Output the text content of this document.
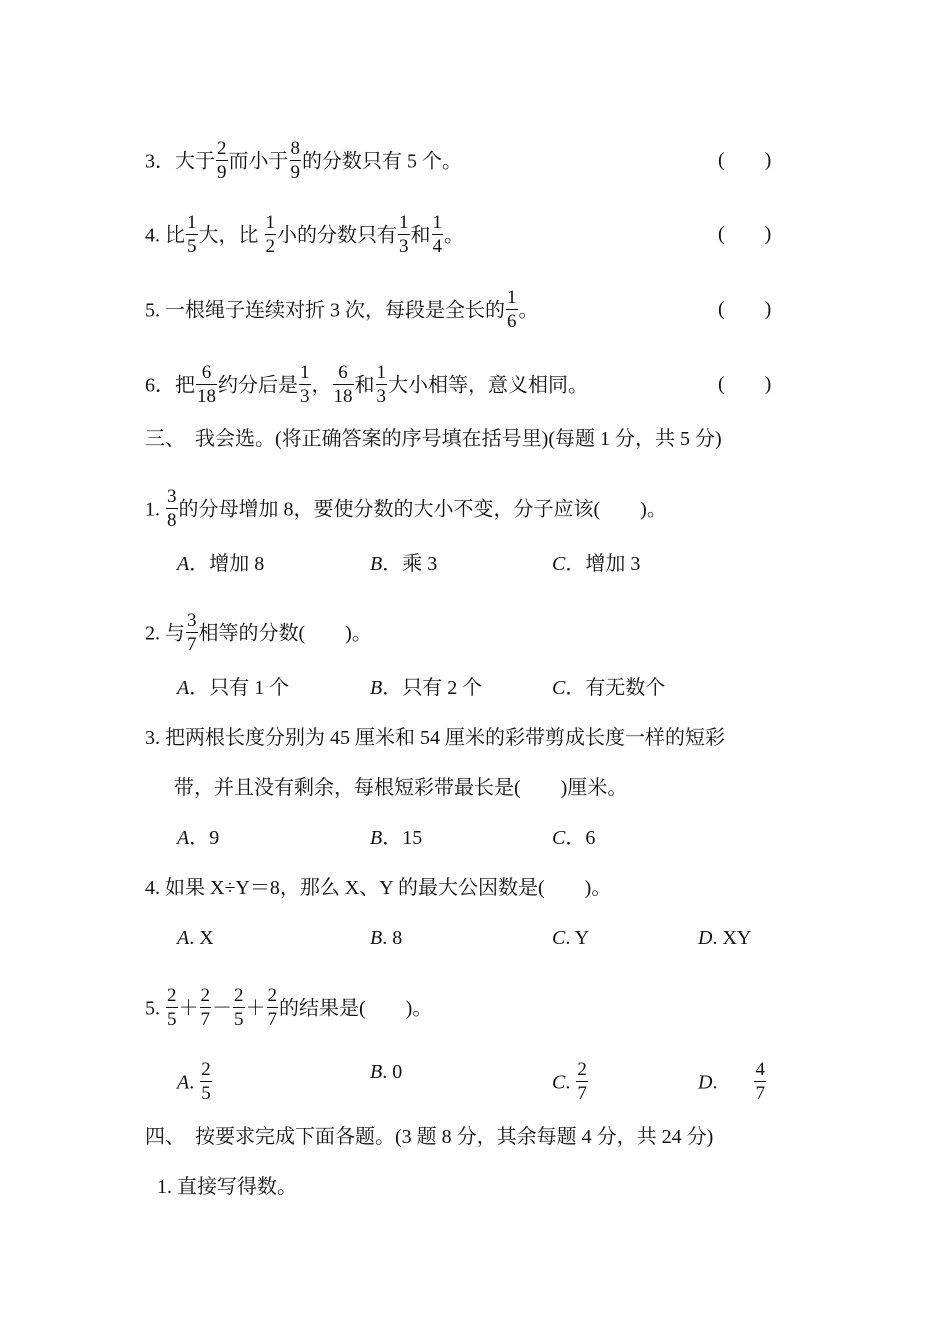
3．大于 $\frac{2}{9}$ 而小于 $\frac{8}{9}$ 的分数只有 5 个。	(　　)
4. 比 $\frac{1}{5}$ 大，比 $\frac{1}{2}$ 小的分数只有 $\frac{1}{3}$ 和 $\frac{1}{4}$ 。	(　　)
5. 一根绳子连续对折 3 次，每段是全长的 $\frac{1}{6}$ 。	(　　)
6．把 $\frac{6}{18}$ 约分后是 $\frac{1}{3}$ ， $\frac{6}{18}$ 和 $\frac{1}{3}$ 大小相等，意义相同。	(　　)
三、　我会选。(将正确答案的序号填在括号里)(每题 1 分，共 5 分)
1. $\frac{3}{8}$ 的分母增加 8，要使分数的大小不变，分子应该(　　)。
A．增加 8	B．乘 3	C．增加 3
2. 与 $\frac{3}{7}$ 相等的分数(　　)。
A．只有 1 个	B．只有 2 个	C．有无数个
3. 把两根长度分别为 45 厘米和 54 厘米的彩带剪成长度一样的短彩
带，并且没有剩余，每根短彩带最长是(　　)厘米。
A．9	B．15	C．6
4. 如果 X÷Y＝8，那么 X、Y 的最大公因数是(　　)。
A. X	B. 8	C. Y	D. XY
5. $\frac{2}{5} + \frac{2}{7} - \frac{2}{5} + \frac{2}{7}$ 的结果是(　　)。
A. $\frac{2}{5}$	B. 0	C. $\frac{2}{7}$	D. $\frac{4}{7}$
四、　按要求完成下面各题。(3 题 8 分，其余每题 4 分，共 24 分)
1. 直接写得数。
